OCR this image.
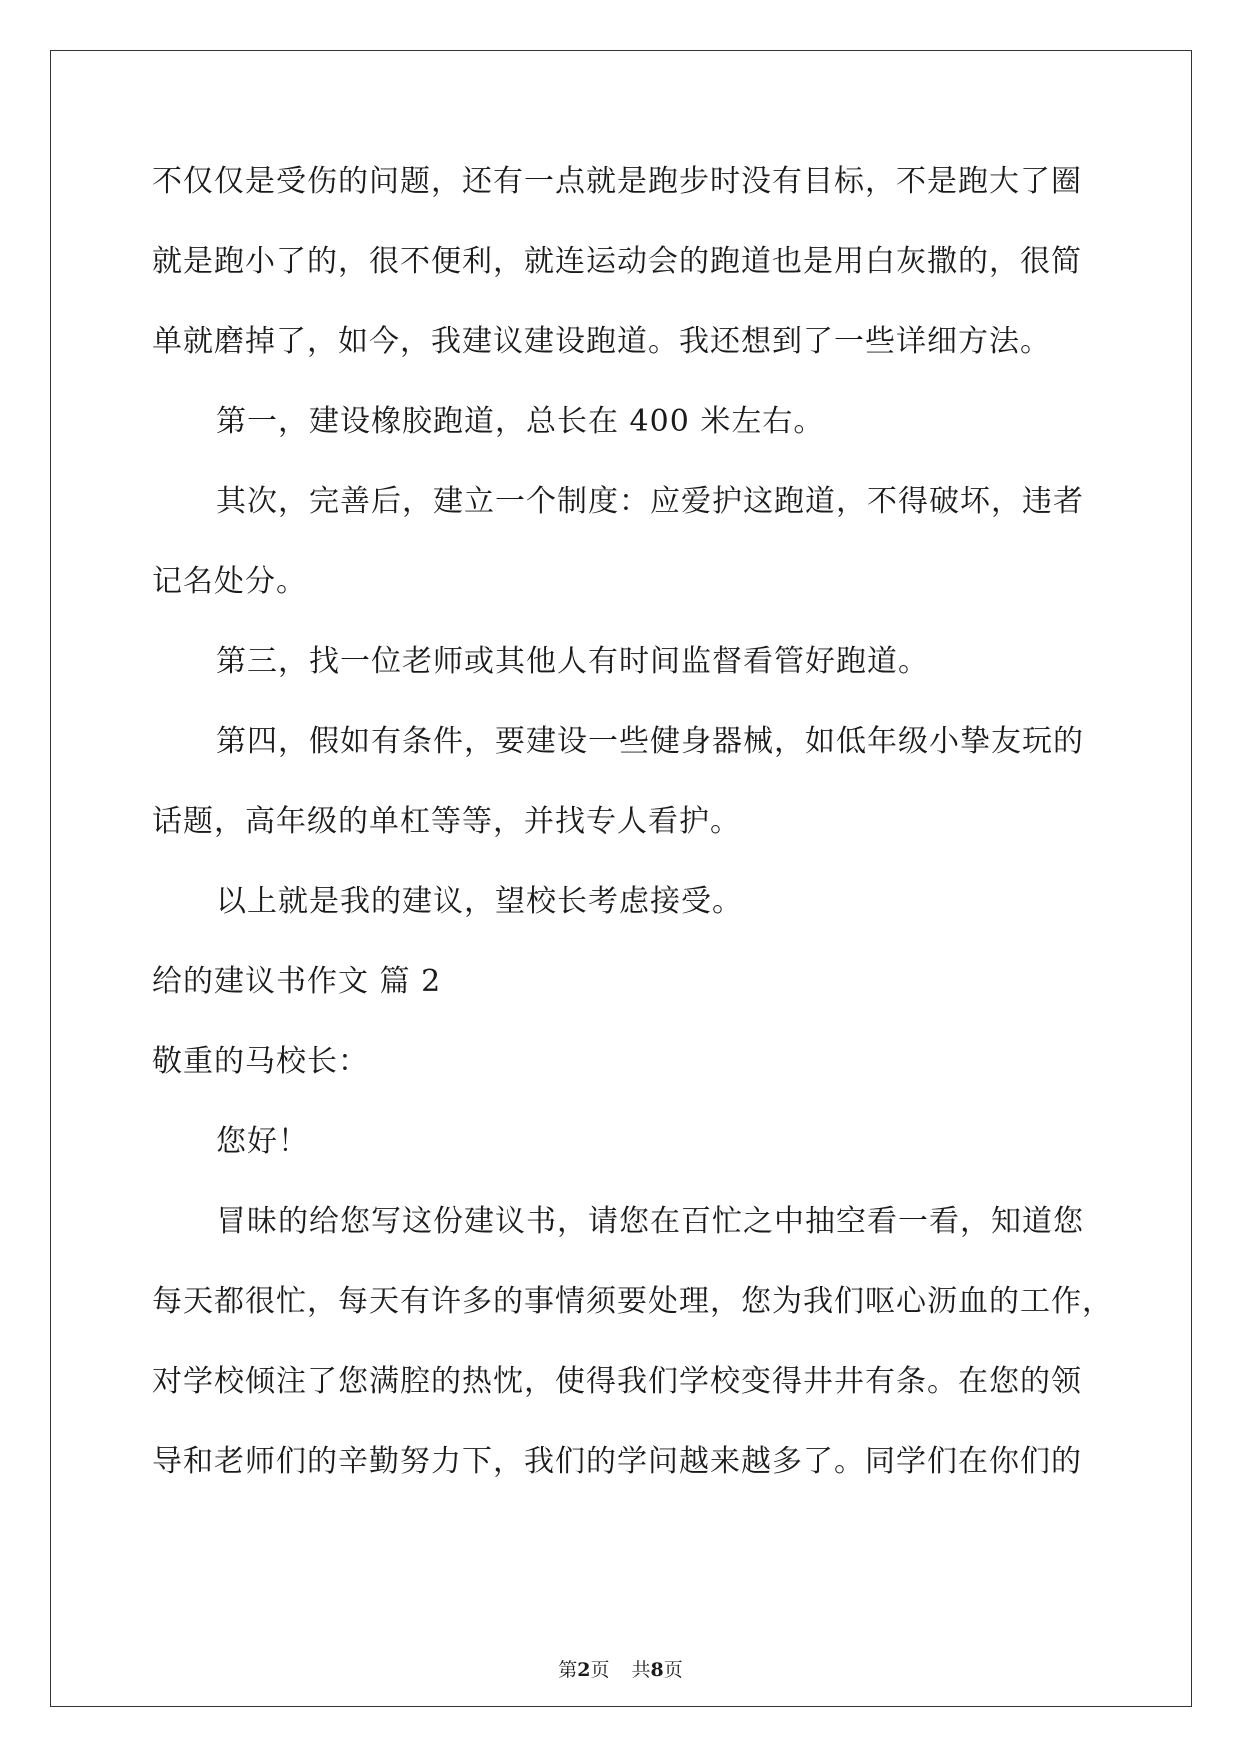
不仅仅是受伤的问题，还有一点就是跑步时没有目标，不是跑大了圈
就是跑小了的，很不便利，就连运动会的跑道也是用白灰撒的，很简
单就磨掉了，如今，我建议建设跑道。我还想到了一些详细方法。
第一，建设橡胶跑道，总长在 400 米左右。
其次，完善后，建立一个制度：应爱护这跑道，不得破坏，违者
记名处分。
第三，找一位老师或其他人有时间监督看管好跑道。
第四，假如有条件，要建设一些健身器械，如低年级小挚友玩的
话题，高年级的单杠等等，并找专人看护。
以上就是我的建议，望校长考虑接受。
给的建议书作文 篇 2
敬重的马校长：
您好！
冒昧的给您写这份建议书，请您在百忙之中抽空看一看，知道您
每天都很忙，每天有许多的事情须要处理，您为我们呕心沥血的工作，
对学校倾注了您满腔的热忱，使得我们学校变得井井有条。在您的领
导和老师们的辛勤努力下，我们的学问越来越多了。同学们在你们的
第2页 共8页
